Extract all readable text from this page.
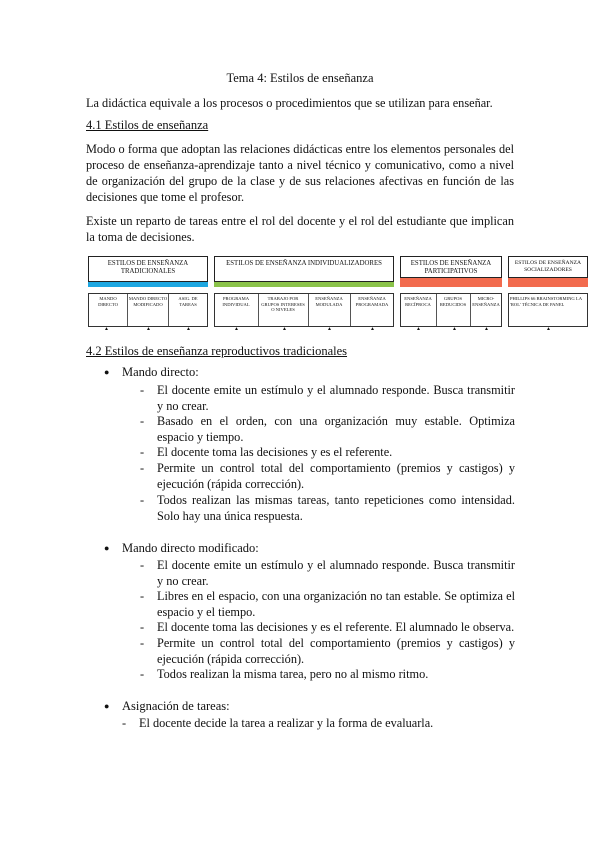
Tema 4: Estilos de enseñanza
La didáctica equivale a los procesos o procedimientos que se utilizan para enseñar.
4.1 Estilos de enseñanza
Modo o forma que adoptan las relaciones didácticas entre los elementos personales del proceso de enseñanza-aprendizaje tanto a nivel técnico y comunicativo, como a nivel de organización del grupo de la clase y de sus relaciones afectivas en función de las decisiones que tome el profesor.
Existe un reparto de tareas entre el rol del docente y el rol del estudiante que implican la toma de decisiones.
ESTILOS DE ENSEÑANZA TRADICIONALES
ESTILOS DE ENSEÑANZA INDIVIDUALIZADORES	ESTILOS DE ENSEÑANZA PARTICIPATIVOS
ESTILOS DE ENSEÑANZA SOCIALIZADORES
MANDO DIRECTO
MANDO DIRECTO MODIFICADO
ASIG. DE TAREAS
PROGRAMA INDIVIDUAL
TRABAJO POR GRUPOS INTERESES O NIVELES
ENSEÑANZA MODULADA
ENSEÑANZA PROGRAMADA
ENSEÑANZA RECÍPROCA
GRUPOS REDUCIDOS
MICRO-ENSEÑANZA
PHILLIPS 66 BRAINSTORMING LA 'ROL' TÉCNICA DE PANEL
▲	▲	▲	▲	▲	▲	▲	▲	▲	▲	▲
4.2 Estilos de enseñanza reproductivos tradicionales
● Mando directo:
- El docente emite un estímulo y el alumnado responde. Busca transmitir y no crear.
- Basado en el orden, con una organización muy estable. Optimiza espacio y tiempo.
- El docente toma las decisiones y es el referente.
- Permite un control total del comportamiento (premios y castigos) y ejecución (rápida corrección).
- Todos realizan las mismas tareas, tanto repeticiones como intensidad. Solo hay una única respuesta.
● Mando directo modificado:
- El docente emite un estímulo y el alumnado responde. Busca transmitir y no crear.
- Libres en el espacio, con una organización no tan estable. Se optimiza el espacio y el tiempo.
- El docente toma las decisiones y es el referente. El alumnado le observa.
- Permite un control total del comportamiento (premios y castigos) y ejecución (rápida corrección).
- Todos realizan la misma tarea, pero no al mismo ritmo.
● Asignación de tareas:
- El docente decide la tarea a realizar y la forma de evaluarla.
